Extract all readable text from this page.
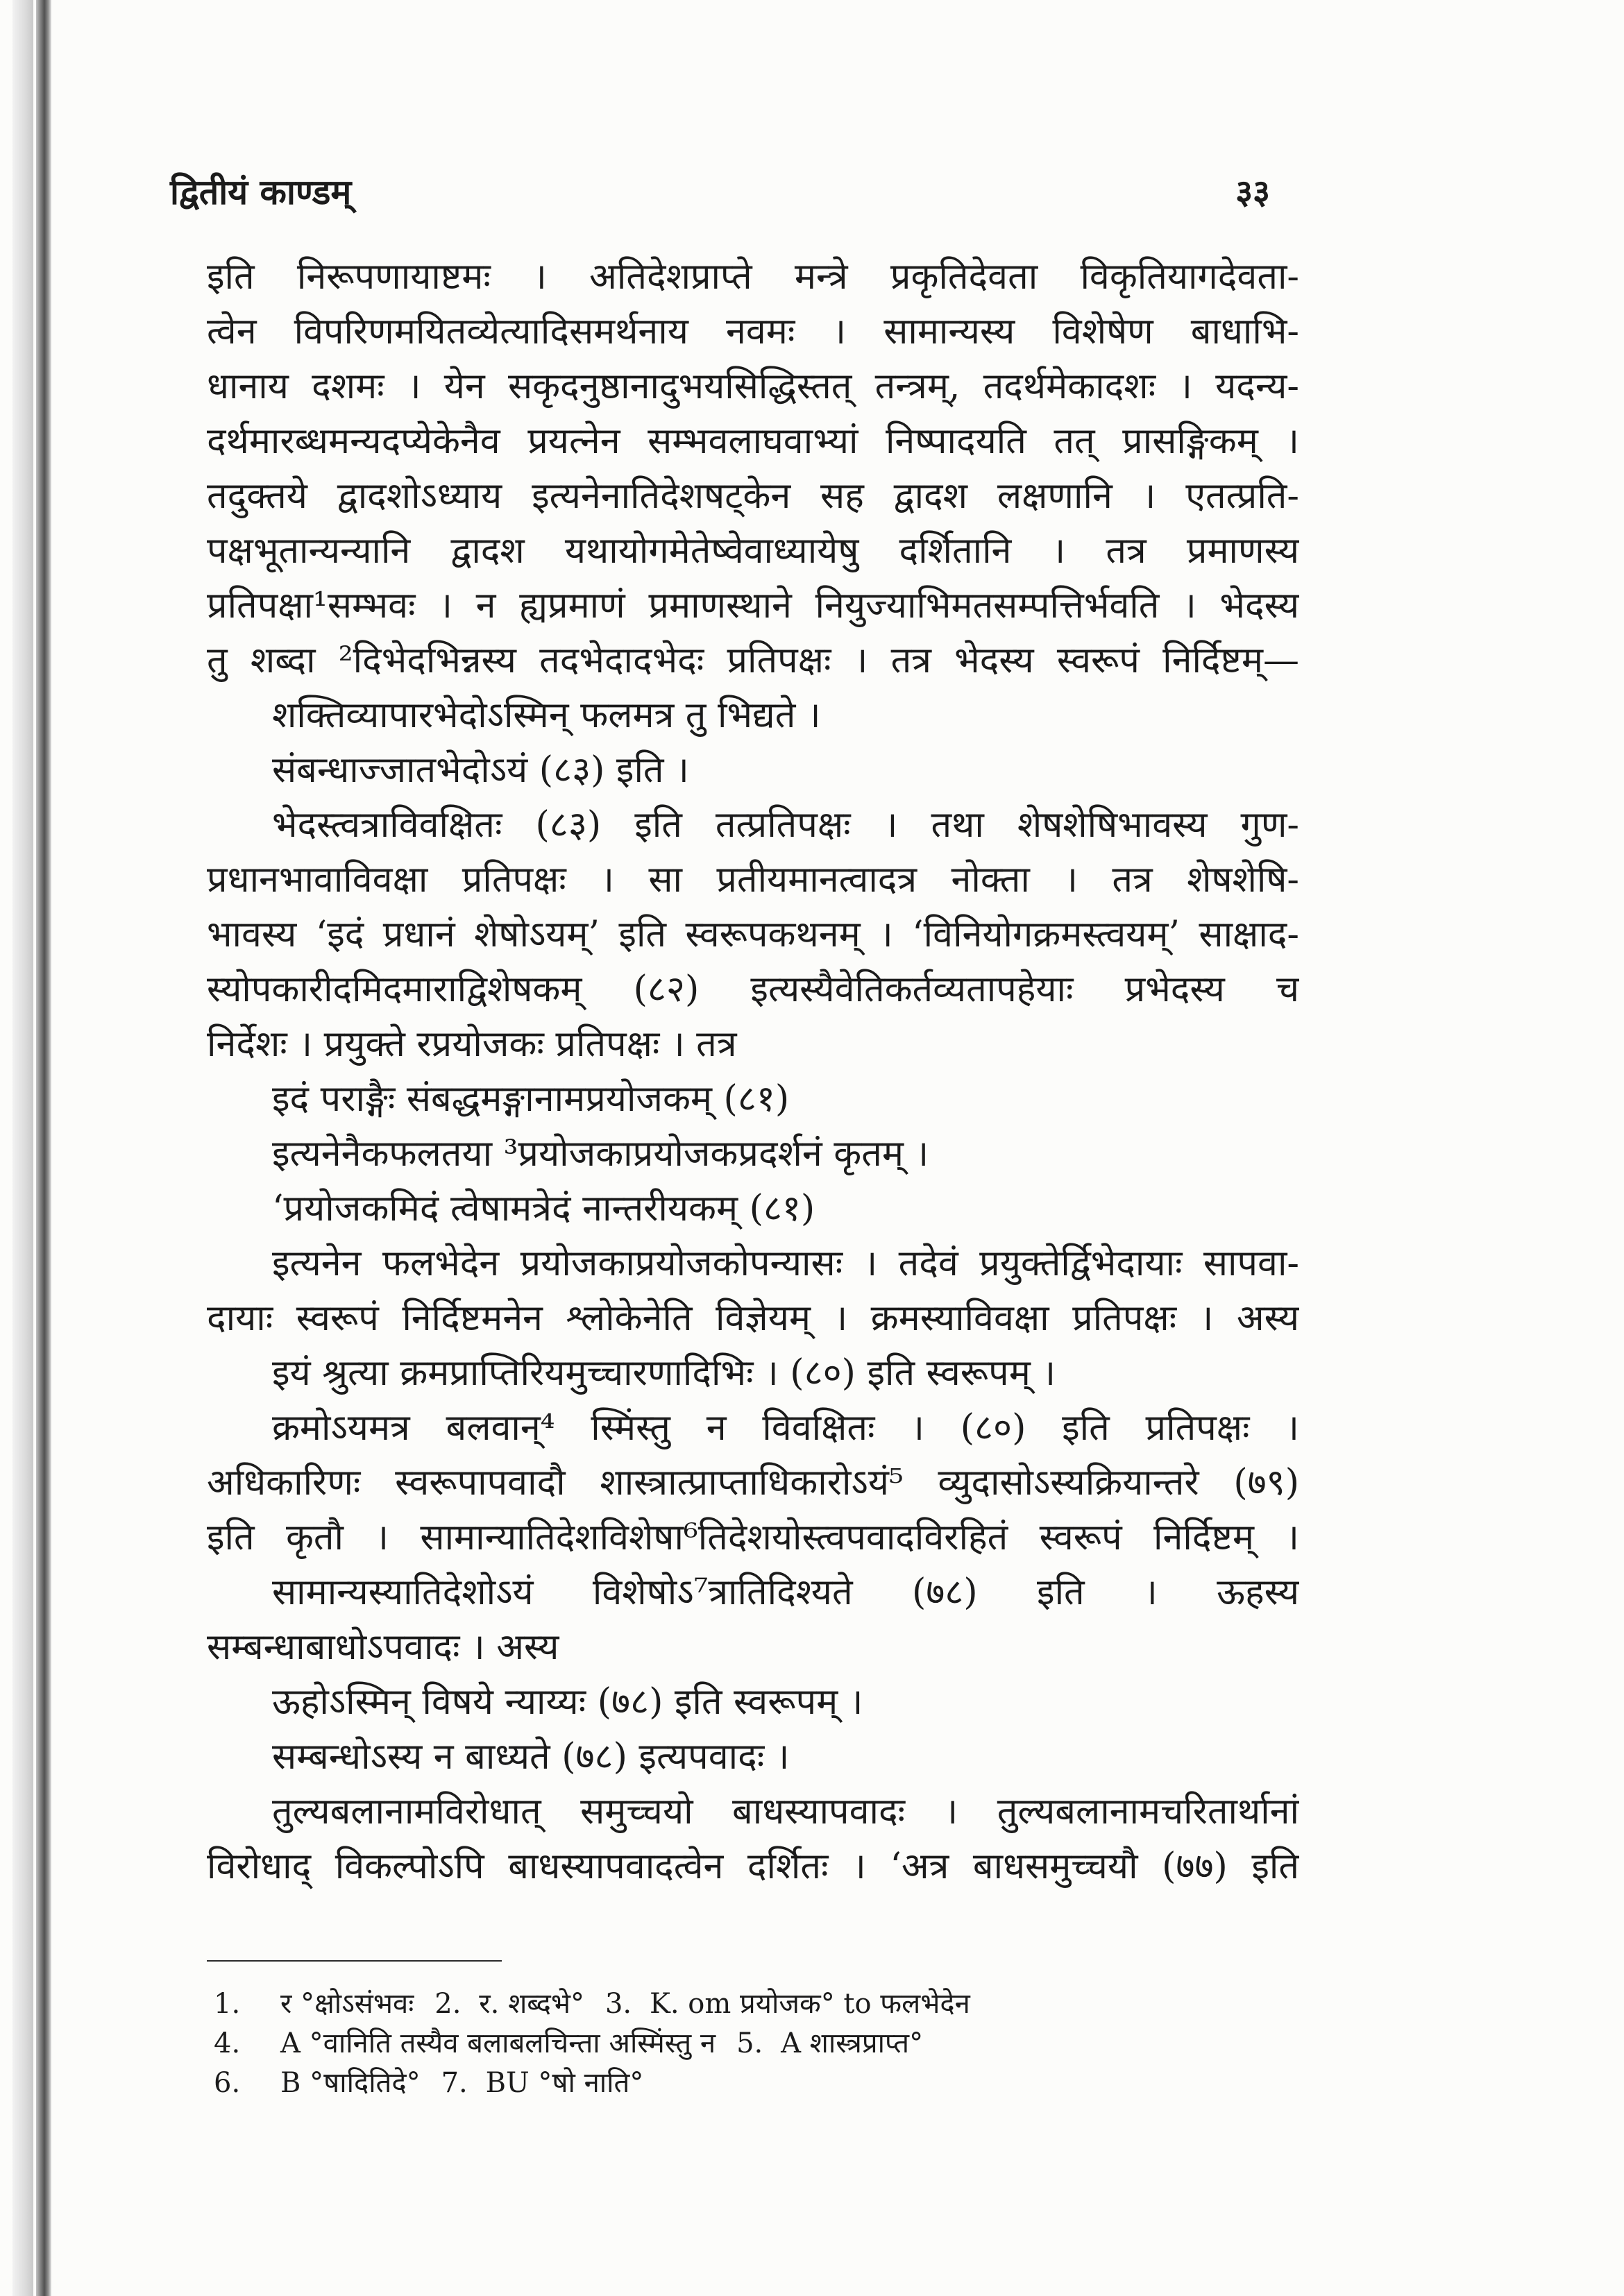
द्वितीयं काण्डम्	३३
इति निरूपणायाष्टमः । अतिदेशप्राप्ते मन्त्रे प्रकृतिदेवता विकृतियागदेवता-
त्वेन विपरिणमयितव्येत्यादिसमर्थनाय नवमः । सामान्यस्य विशेषेण बाधाभि-
धानाय दशमः । येन सकृदनुष्ठानादुभयसिद्धिस्तत् तन्त्रम्, तदर्थमेकादशः । यदन्य-
दर्थमारब्धमन्यदप्येकेनैव प्रयत्नेन सम्भवलाघवाभ्यां निष्पादयति तत् प्रासङ्गिकम् ।
तदुक्तये द्वादशोऽध्याय इत्यनेनातिदेशषट्केन सह द्वादश लक्षणानि । एतत्प्रति-
पक्षभूतान्यन्यानि द्वादश यथायोगमेतेष्वेवाध्यायेषु दर्शितानि । तत्र प्रमाणस्य
प्रतिपक्षा¹सम्भवः । न ह्यप्रमाणं प्रमाणस्थाने नियुज्याभिमतसम्पत्तिर्भवति । भेदस्य
तु शब्दा ²दिभेदभिन्नस्य तदभेदादभेदः प्रतिपक्षः । तत्र भेदस्य स्वरूपं निर्दिष्टम्—
शक्तिव्यापारभेदोऽस्मिन् फलमत्र तु भिद्यते ।
संबन्धाज्जातभेदोऽयं (८३) इति ।
भेदस्त्वत्राविवक्षितः (८३) इति तत्प्रतिपक्षः । तथा शेषशेषिभावस्य गुण-
प्रधानभावाविवक्षा प्रतिपक्षः । सा प्रतीयमानत्वादत्र नोक्ता । तत्र शेषशेषि-
भावस्य ‘इदं प्रधानं शेषोऽयम्’ इति स्वरूपकथनम् । ‘विनियोगक्रमस्त्वयम्’ साक्षाद-
स्योपकारीदमिदमाराद्विशेषकम् (८२) इत्यस्यैवेतिकर्तव्यतापहेयाः प्रभेदस्य च
निर्देशः । प्रयुक्ते रप्रयोजकः प्रतिपक्षः । तत्र
इदं पराङ्गैः संबद्धमङ्गानामप्रयोजकम् (८१)
इत्यनेनैकफलतया ³प्रयोजकाप्रयोजकप्रदर्शनं कृतम् ।
‘प्रयोजकमिदं त्वेषामत्रेदं नान्तरीयकम् (८१)
इत्यनेन फलभेदेन प्रयोजकाप्रयोजकोपन्यासः । तदेवं प्रयुक्तेर्द्विभेदायाः सापवा-
दायाः स्वरूपं निर्दिष्टमनेन श्लोकेनेति विज्ञेयम् । क्रमस्याविवक्षा प्रतिपक्षः । अस्य
इयं श्रुत्या क्रमप्राप्तिरियमुच्चारणादिभिः । (८०) इति स्वरूपम् ।
क्रमोऽयमत्र बलवान्⁴ स्मिंस्तु न विवक्षितः । (८०) इति प्रतिपक्षः ।
अधिकारिणः स्वरूपापवादौ शास्त्रात्प्राप्ताधिकारोऽयं⁵ व्युदासोऽस्यक्रियान्तरे (७९)
इति कृतौ । सामान्यातिदेशविशेषा⁶तिदेशयोस्त्वपवादविरहितं स्वरूपं निर्दिष्टम् ।
सामान्यस्यातिदेशोऽयं विशेषोऽ⁷त्रातिदिश्यते (७८) इति । ऊहस्य
सम्बन्धाबाधोऽपवादः । अस्य
ऊहोऽस्मिन् विषये न्याय्यः (७८) इति स्वरूपम् ।
सम्बन्धोऽस्य न बाध्यते (७८) इत्यपवादः ।
तुल्यबलानामविरोधात् समुच्चयो बाधस्यापवादः । तुल्यबलानामचरितार्थानां
विरोधाद् विकल्पोऽपि बाधस्यापवादत्वेन दर्शितः । ‘अत्र बाधसमुच्चयौ (७७) इति
1.	र °क्षोऽसंभवः 2. र. शब्दभे° 3. K. om प्रयोजक° to फलभेदेन
4.	A °वानिति तस्यैव बलाबलचिन्ता अस्मिंस्तु न 5. A शास्त्रप्राप्त°
6.	B °षादितिदे° 7. BU °षो नाति°
